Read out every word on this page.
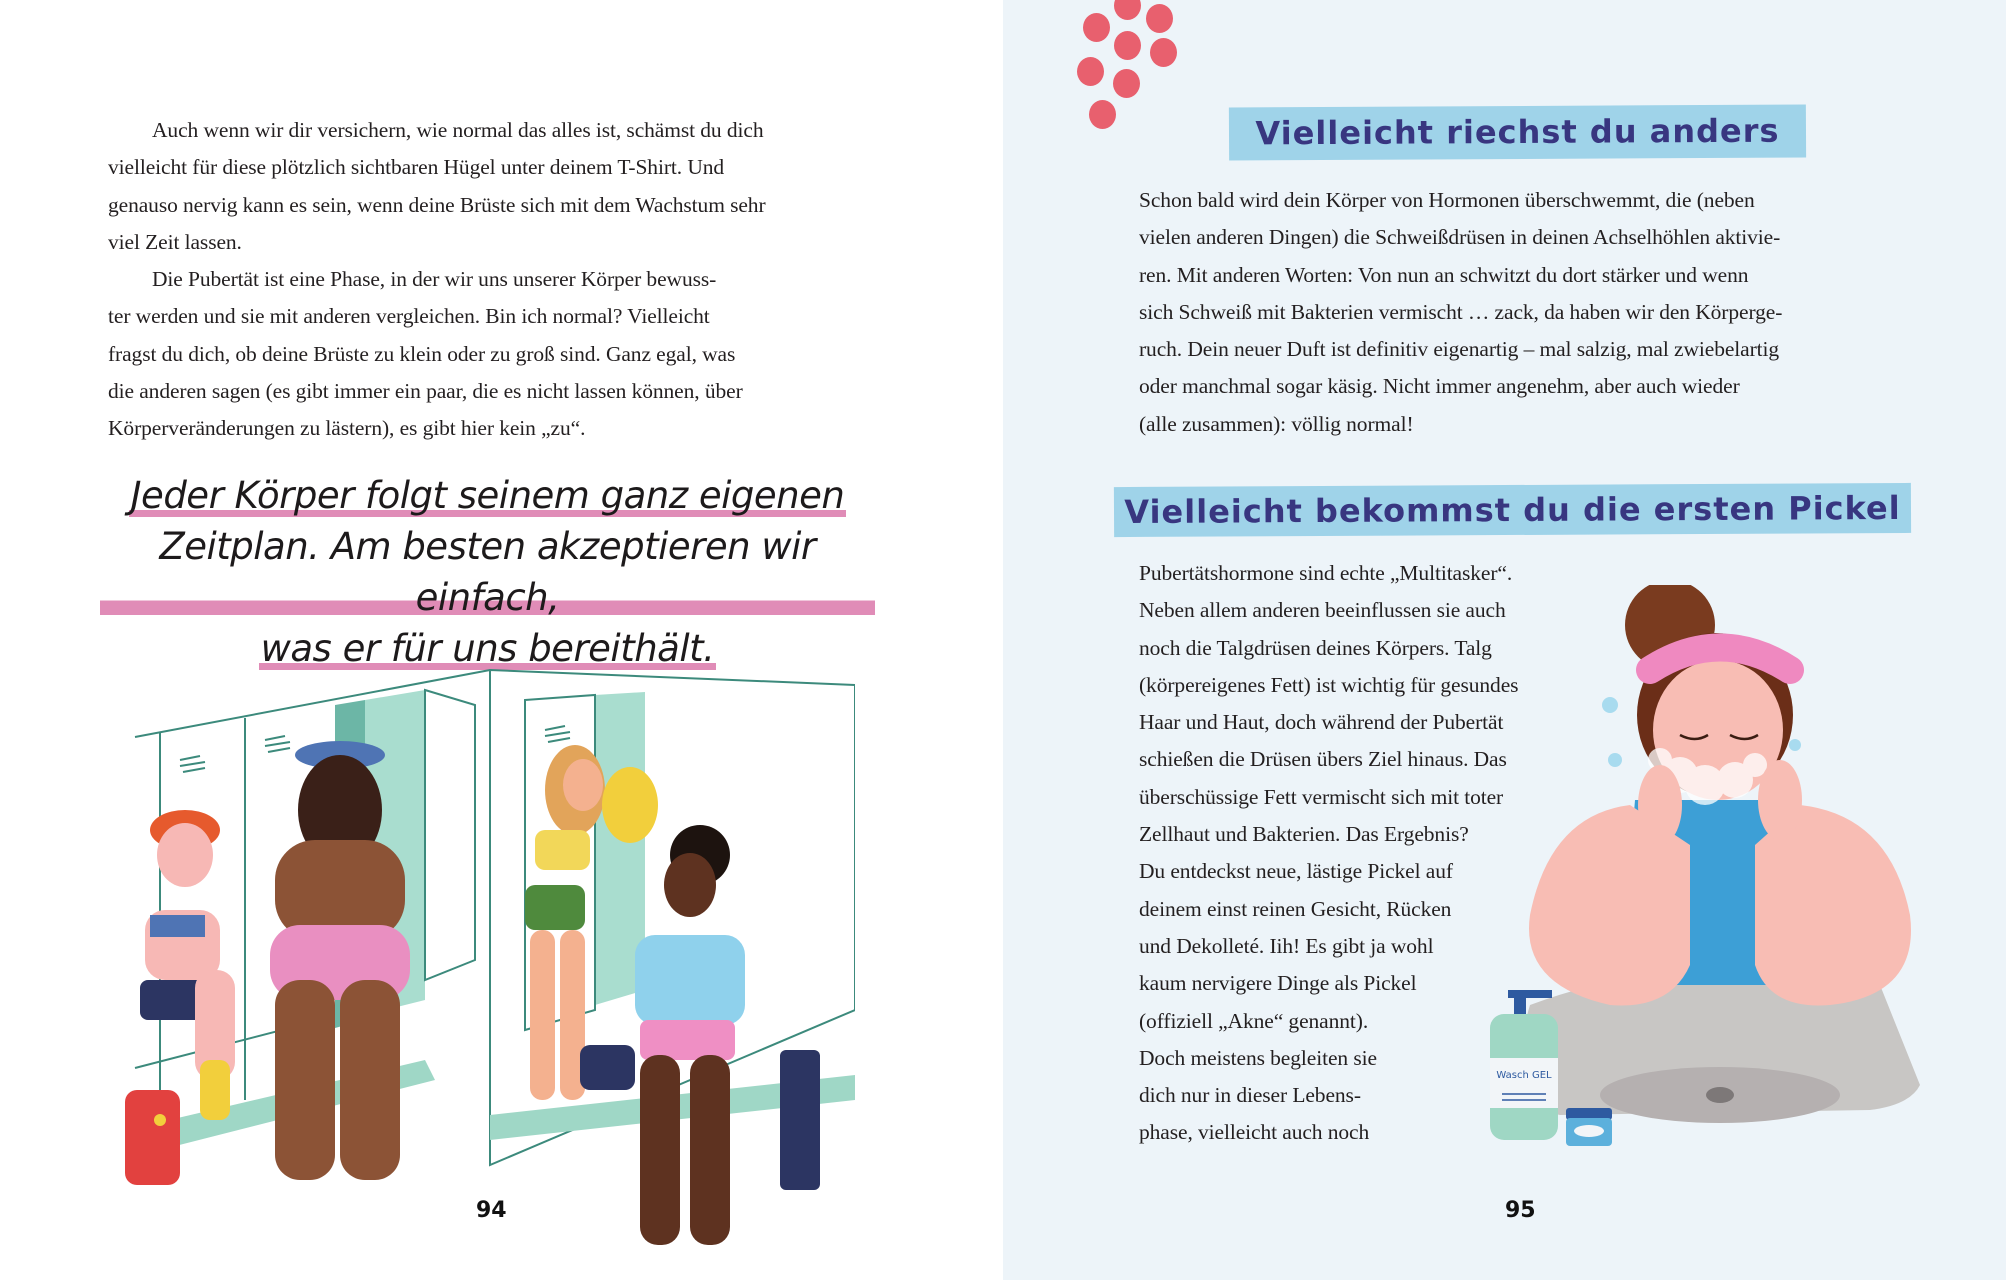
Auch wenn wir dir versichern, wie normal das alles ist, schämst du dich
vielleicht für diese plötzlich sichtbaren Hügel unter deinem T-Shirt. Und
genauso nervig kann es sein, wenn deine Brüste sich mit dem Wachstum sehr
viel Zeit lassen.
Die Pubertät ist eine Phase, in der wir uns unserer Körper bewuss-
ter werden und sie mit anderen vergleichen. Bin ich normal? Vielleicht
fragst du dich, ob deine Brüste zu klein oder zu groß sind. Ganz egal, was
die anderen sagen (es gibt immer ein paar, die es nicht lassen können, über
Körperveränderungen zu lästern), es gibt hier kein „zu“.
Jeder Körper folgt seinem ganz eigenen
Zeitplan. Am besten akzeptieren wir einfach,
was er für uns bereithält.
94
Vielleicht riechst du anders
Schon bald wird dein Körper von Hormonen überschwemmt, die (neben
vielen anderen Dingen) die Schweißdrüsen in deinen Achselhöhlen aktivie-
ren. Mit anderen Worten: Von nun an schwitzt du dort stärker und wenn
sich Schweiß mit Bakterien vermischt … zack, da haben wir den Körperge-
ruch. Dein neuer Duft ist definitiv eigenartig – mal salzig, mal zwiebelartig
oder manchmal sogar käsig. Nicht immer angenehm, aber auch wieder
(alle zusammen): völlig normal!
Vielleicht bekommst du die ersten Pickel
Pubertätshormone sind echte „Multitasker“.
Neben allem anderen beeinflussen sie auch
noch die Talgdrüsen deines Körpers. Talg
(körpereigenes Fett) ist wichtig für gesundes
Haar und Haut, doch während der Pubertät
schießen die Drüsen übers Ziel hinaus. Das
überschüssige Fett vermischt sich mit toter
Zellhaut und Bakterien. Das Ergebnis?
Du entdeckst neue, lästige Pickel auf
deinem einst reinen Gesicht, Rücken
und Dekolleté. Iih! Es gibt ja wohl
kaum nervigere Dinge als Pickel
(offiziell „Akne“ genannt).
Doch meistens begleiten sie
dich nur in dieser Lebens-
phase, vielleicht auch noch
Wasch GEL
95
